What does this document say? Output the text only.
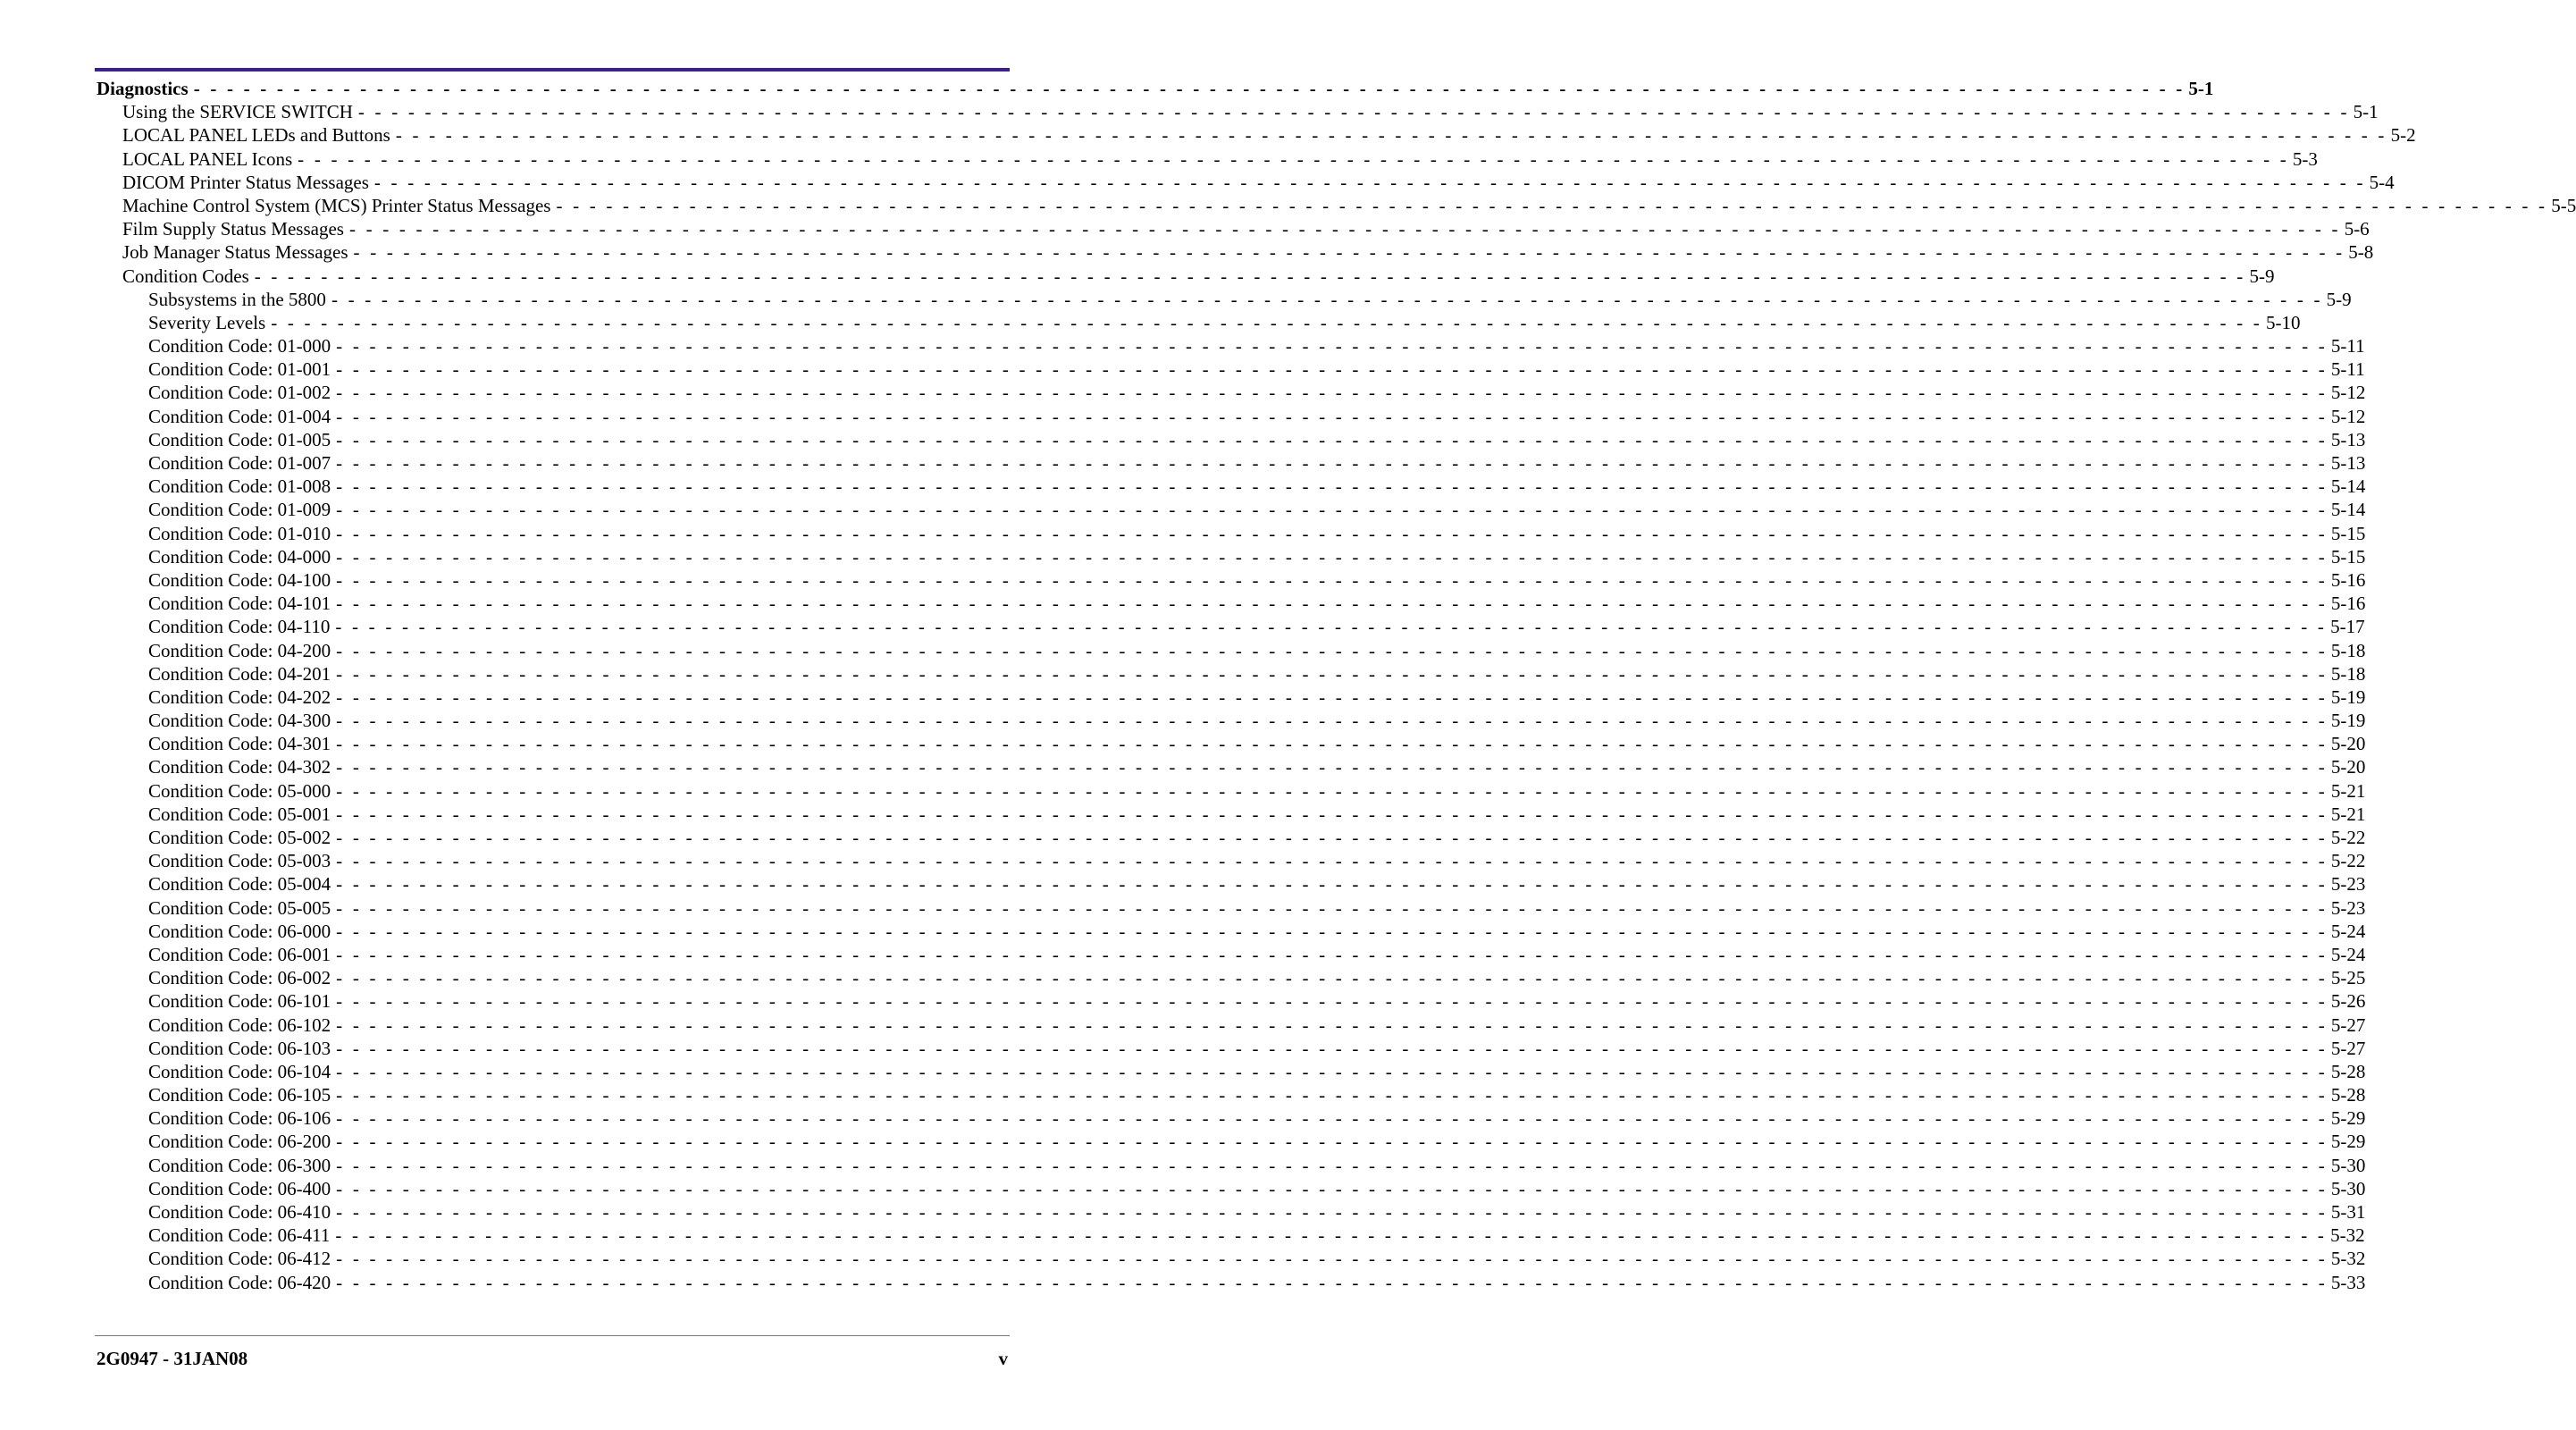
Diagnostics - - - - - - - - - - - - - - - - - - - - - - - - - - - - - - - - - - - - - - - - - - - - - - - - - - - - - - - - - - - - - - - - - - - - - - - - - - - - - - - - - - - - - - - - - - - - - - - - - - - - - - - - - - - - - - - - - - - - - - - - 5-1
Using the SERVICE SWITCH - - - - - - - - - - - - - - - - - - - - - - - - - - - - - - - - - - - - - - - - - - - - - - - - - - - - - - - - - - - - - - - - - - - - - - - - - - - - - - - - - - - - - - - - - - - - - - - - - - - - - - - - - - - - - - - - - - - - - - - - 5-1
LOCAL PANEL LEDs and Buttons - - - - - - - - - - - - - - - - - - - - - - - - - - - - - - - - - - - - - - - - - - - - - - - - - - - - - - - - - - - - - - - - - - - - - - - - - - - - - - - - - - - - - - - - - - - - - - - - - - - - - - - - - - - - - - - - - - - - - - - - 5-2
LOCAL PANEL Icons - - - - - - - - - - - - - - - - - - - - - - - - - - - - - - - - - - - - - - - - - - - - - - - - - - - - - - - - - - - - - - - - - - - - - - - - - - - - - - - - - - - - - - - - - - - - - - - - - - - - - - - - - - - - - - - - - - - - - - - - 5-3
DICOM Printer Status Messages - - - - - - - - - - - - - - - - - - - - - - - - - - - - - - - - - - - - - - - - - - - - - - - - - - - - - - - - - - - - - - - - - - - - - - - - - - - - - - - - - - - - - - - - - - - - - - - - - - - - - - - - - - - - - - - - - - - - - - - - 5-4
Machine Control System (MCS) Printer Status Messages - - - - - - - - - - - - - - - - - - - - - - - - - - - - - - - - - - - - - - - - - - - - - - - - - - - - - - - - - - - - - - - - - - - - - - - - - - - - - - - - - - - - - - - - - - - - - - - - - - - - - - - - - - - - - - - - - - - - - - - - 5-5
Film Supply Status Messages - - - - - - - - - - - - - - - - - - - - - - - - - - - - - - - - - - - - - - - - - - - - - - - - - - - - - - - - - - - - - - - - - - - - - - - - - - - - - - - - - - - - - - - - - - - - - - - - - - - - - - - - - - - - - - - - - - - - - - - - 5-6
Job Manager Status Messages - - - - - - - - - - - - - - - - - - - - - - - - - - - - - - - - - - - - - - - - - - - - - - - - - - - - - - - - - - - - - - - - - - - - - - - - - - - - - - - - - - - - - - - - - - - - - - - - - - - - - - - - - - - - - - - - - - - - - - - - 5-8
Condition Codes - - - - - - - - - - - - - - - - - - - - - - - - - - - - - - - - - - - - - - - - - - - - - - - - - - - - - - - - - - - - - - - - - - - - - - - - - - - - - - - - - - - - - - - - - - - - - - - - - - - - - - - - - - - - - - - - - - - - - - - - 5-9
Subsystems in the 5800 - - - - - - - - - - - - - - - - - - - - - - - - - - - - - - - - - - - - - - - - - - - - - - - - - - - - - - - - - - - - - - - - - - - - - - - - - - - - - - - - - - - - - - - - - - - - - - - - - - - - - - - - - - - - - - - - - - - - - - - - 5-9
Severity Levels - - - - - - - - - - - - - - - - - - - - - - - - - - - - - - - - - - - - - - - - - - - - - - - - - - - - - - - - - - - - - - - - - - - - - - - - - - - - - - - - - - - - - - - - - - - - - - - - - - - - - - - - - - - - - - - - - - - - - - - - 5-10
Condition Code: 01-000 - - - - - - - - - - - - - - - - - - - - - - - - - - - - - - - - - - - - - - - - - - - - - - - - - - - - - - - - - - - - - - - - - - - - - - - - - - - - - - - - - - - - - - - - - - - - - - - - - - - - - - - - - - - - - - - - - - - - - - - - 5-11
Condition Code: 01-001 - - - - - - - - - - - - - - - - - - - - - - - - - - - - - - - - - - - - - - - - - - - - - - - - - - - - - - - - - - - - - - - - - - - - - - - - - - - - - - - - - - - - - - - - - - - - - - - - - - - - - - - - - - - - - - - - - - - - - - - - 5-11
Condition Code: 01-002 - - - - - - - - - - - - - - - - - - - - - - - - - - - - - - - - - - - - - - - - - - - - - - - - - - - - - - - - - - - - - - - - - - - - - - - - - - - - - - - - - - - - - - - - - - - - - - - - - - - - - - - - - - - - - - - - - - - - - - - - 5-12
Condition Code: 01-004 - - - - - - - - - - - - - - - - - - - - - - - - - - - - - - - - - - - - - - - - - - - - - - - - - - - - - - - - - - - - - - - - - - - - - - - - - - - - - - - - - - - - - - - - - - - - - - - - - - - - - - - - - - - - - - - - - - - - - - - - 5-12
Condition Code: 01-005 - - - - - - - - - - - - - - - - - - - - - - - - - - - - - - - - - - - - - - - - - - - - - - - - - - - - - - - - - - - - - - - - - - - - - - - - - - - - - - - - - - - - - - - - - - - - - - - - - - - - - - - - - - - - - - - - - - - - - - - - 5-13
Condition Code: 01-007 - - - - - - - - - - - - - - - - - - - - - - - - - - - - - - - - - - - - - - - - - - - - - - - - - - - - - - - - - - - - - - - - - - - - - - - - - - - - - - - - - - - - - - - - - - - - - - - - - - - - - - - - - - - - - - - - - - - - - - - - 5-13
Condition Code: 01-008 - - - - - - - - - - - - - - - - - - - - - - - - - - - - - - - - - - - - - - - - - - - - - - - - - - - - - - - - - - - - - - - - - - - - - - - - - - - - - - - - - - - - - - - - - - - - - - - - - - - - - - - - - - - - - - - - - - - - - - - - 5-14
Condition Code: 01-009 - - - - - - - - - - - - - - - - - - - - - - - - - - - - - - - - - - - - - - - - - - - - - - - - - - - - - - - - - - - - - - - - - - - - - - - - - - - - - - - - - - - - - - - - - - - - - - - - - - - - - - - - - - - - - - - - - - - - - - - - 5-14
Condition Code: 01-010 - - - - - - - - - - - - - - - - - - - - - - - - - - - - - - - - - - - - - - - - - - - - - - - - - - - - - - - - - - - - - - - - - - - - - - - - - - - - - - - - - - - - - - - - - - - - - - - - - - - - - - - - - - - - - - - - - - - - - - - - 5-15
Condition Code: 04-000 - - - - - - - - - - - - - - - - - - - - - - - - - - - - - - - - - - - - - - - - - - - - - - - - - - - - - - - - - - - - - - - - - - - - - - - - - - - - - - - - - - - - - - - - - - - - - - - - - - - - - - - - - - - - - - - - - - - - - - - - 5-15
Condition Code: 04-100 - - - - - - - - - - - - - - - - - - - - - - - - - - - - - - - - - - - - - - - - - - - - - - - - - - - - - - - - - - - - - - - - - - - - - - - - - - - - - - - - - - - - - - - - - - - - - - - - - - - - - - - - - - - - - - - - - - - - - - - - 5-16
Condition Code: 04-101 - - - - - - - - - - - - - - - - - - - - - - - - - - - - - - - - - - - - - - - - - - - - - - - - - - - - - - - - - - - - - - - - - - - - - - - - - - - - - - - - - - - - - - - - - - - - - - - - - - - - - - - - - - - - - - - - - - - - - - - - 5-16
Condition Code: 04-110 - - - - - - - - - - - - - - - - - - - - - - - - - - - - - - - - - - - - - - - - - - - - - - - - - - - - - - - - - - - - - - - - - - - - - - - - - - - - - - - - - - - - - - - - - - - - - - - - - - - - - - - - - - - - - - - - - - - - - - - - 5-17
Condition Code: 04-200 - - - - - - - - - - - - - - - - - - - - - - - - - - - - - - - - - - - - - - - - - - - - - - - - - - - - - - - - - - - - - - - - - - - - - - - - - - - - - - - - - - - - - - - - - - - - - - - - - - - - - - - - - - - - - - - - - - - - - - - - 5-18
Condition Code: 04-201 - - - - - - - - - - - - - - - - - - - - - - - - - - - - - - - - - - - - - - - - - - - - - - - - - - - - - - - - - - - - - - - - - - - - - - - - - - - - - - - - - - - - - - - - - - - - - - - - - - - - - - - - - - - - - - - - - - - - - - - - 5-18
Condition Code: 04-202 - - - - - - - - - - - - - - - - - - - - - - - - - - - - - - - - - - - - - - - - - - - - - - - - - - - - - - - - - - - - - - - - - - - - - - - - - - - - - - - - - - - - - - - - - - - - - - - - - - - - - - - - - - - - - - - - - - - - - - - - 5-19
Condition Code: 04-300 - - - - - - - - - - - - - - - - - - - - - - - - - - - - - - - - - - - - - - - - - - - - - - - - - - - - - - - - - - - - - - - - - - - - - - - - - - - - - - - - - - - - - - - - - - - - - - - - - - - - - - - - - - - - - - - - - - - - - - - - 5-19
Condition Code: 04-301 - - - - - - - - - - - - - - - - - - - - - - - - - - - - - - - - - - - - - - - - - - - - - - - - - - - - - - - - - - - - - - - - - - - - - - - - - - - - - - - - - - - - - - - - - - - - - - - - - - - - - - - - - - - - - - - - - - - - - - - - 5-20
Condition Code: 04-302 - - - - - - - - - - - - - - - - - - - - - - - - - - - - - - - - - - - - - - - - - - - - - - - - - - - - - - - - - - - - - - - - - - - - - - - - - - - - - - - - - - - - - - - - - - - - - - - - - - - - - - - - - - - - - - - - - - - - - - - - 5-20
Condition Code: 05-000 - - - - - - - - - - - - - - - - - - - - - - - - - - - - - - - - - - - - - - - - - - - - - - - - - - - - - - - - - - - - - - - - - - - - - - - - - - - - - - - - - - - - - - - - - - - - - - - - - - - - - - - - - - - - - - - - - - - - - - - - 5-21
Condition Code: 05-001 - - - - - - - - - - - - - - - - - - - - - - - - - - - - - - - - - - - - - - - - - - - - - - - - - - - - - - - - - - - - - - - - - - - - - - - - - - - - - - - - - - - - - - - - - - - - - - - - - - - - - - - - - - - - - - - - - - - - - - - - 5-21
Condition Code: 05-002 - - - - - - - - - - - - - - - - - - - - - - - - - - - - - - - - - - - - - - - - - - - - - - - - - - - - - - - - - - - - - - - - - - - - - - - - - - - - - - - - - - - - - - - - - - - - - - - - - - - - - - - - - - - - - - - - - - - - - - - - 5-22
Condition Code: 05-003 - - - - - - - - - - - - - - - - - - - - - - - - - - - - - - - - - - - - - - - - - - - - - - - - - - - - - - - - - - - - - - - - - - - - - - - - - - - - - - - - - - - - - - - - - - - - - - - - - - - - - - - - - - - - - - - - - - - - - - - - 5-22
Condition Code: 05-004 - - - - - - - - - - - - - - - - - - - - - - - - - - - - - - - - - - - - - - - - - - - - - - - - - - - - - - - - - - - - - - - - - - - - - - - - - - - - - - - - - - - - - - - - - - - - - - - - - - - - - - - - - - - - - - - - - - - - - - - - 5-23
Condition Code: 05-005 - - - - - - - - - - - - - - - - - - - - - - - - - - - - - - - - - - - - - - - - - - - - - - - - - - - - - - - - - - - - - - - - - - - - - - - - - - - - - - - - - - - - - - - - - - - - - - - - - - - - - - - - - - - - - - - - - - - - - - - - 5-23
Condition Code: 06-000 - - - - - - - - - - - - - - - - - - - - - - - - - - - - - - - - - - - - - - - - - - - - - - - - - - - - - - - - - - - - - - - - - - - - - - - - - - - - - - - - - - - - - - - - - - - - - - - - - - - - - - - - - - - - - - - - - - - - - - - - 5-24
Condition Code: 06-001 - - - - - - - - - - - - - - - - - - - - - - - - - - - - - - - - - - - - - - - - - - - - - - - - - - - - - - - - - - - - - - - - - - - - - - - - - - - - - - - - - - - - - - - - - - - - - - - - - - - - - - - - - - - - - - - - - - - - - - - - 5-24
Condition Code: 06-002 - - - - - - - - - - - - - - - - - - - - - - - - - - - - - - - - - - - - - - - - - - - - - - - - - - - - - - - - - - - - - - - - - - - - - - - - - - - - - - - - - - - - - - - - - - - - - - - - - - - - - - - - - - - - - - - - - - - - - - - - 5-25
Condition Code: 06-101 - - - - - - - - - - - - - - - - - - - - - - - - - - - - - - - - - - - - - - - - - - - - - - - - - - - - - - - - - - - - - - - - - - - - - - - - - - - - - - - - - - - - - - - - - - - - - - - - - - - - - - - - - - - - - - - - - - - - - - - - 5-26
Condition Code: 06-102 - - - - - - - - - - - - - - - - - - - - - - - - - - - - - - - - - - - - - - - - - - - - - - - - - - - - - - - - - - - - - - - - - - - - - - - - - - - - - - - - - - - - - - - - - - - - - - - - - - - - - - - - - - - - - - - - - - - - - - - - 5-27
Condition Code: 06-103 - - - - - - - - - - - - - - - - - - - - - - - - - - - - - - - - - - - - - - - - - - - - - - - - - - - - - - - - - - - - - - - - - - - - - - - - - - - - - - - - - - - - - - - - - - - - - - - - - - - - - - - - - - - - - - - - - - - - - - - - 5-27
Condition Code: 06-104 - - - - - - - - - - - - - - - - - - - - - - - - - - - - - - - - - - - - - - - - - - - - - - - - - - - - - - - - - - - - - - - - - - - - - - - - - - - - - - - - - - - - - - - - - - - - - - - - - - - - - - - - - - - - - - - - - - - - - - - - 5-28
Condition Code: 06-105 - - - - - - - - - - - - - - - - - - - - - - - - - - - - - - - - - - - - - - - - - - - - - - - - - - - - - - - - - - - - - - - - - - - - - - - - - - - - - - - - - - - - - - - - - - - - - - - - - - - - - - - - - - - - - - - - - - - - - - - - 5-28
Condition Code: 06-106 - - - - - - - - - - - - - - - - - - - - - - - - - - - - - - - - - - - - - - - - - - - - - - - - - - - - - - - - - - - - - - - - - - - - - - - - - - - - - - - - - - - - - - - - - - - - - - - - - - - - - - - - - - - - - - - - - - - - - - - - 5-29
Condition Code: 06-200 - - - - - - - - - - - - - - - - - - - - - - - - - - - - - - - - - - - - - - - - - - - - - - - - - - - - - - - - - - - - - - - - - - - - - - - - - - - - - - - - - - - - - - - - - - - - - - - - - - - - - - - - - - - - - - - - - - - - - - - - 5-29
Condition Code: 06-300 - - - - - - - - - - - - - - - - - - - - - - - - - - - - - - - - - - - - - - - - - - - - - - - - - - - - - - - - - - - - - - - - - - - - - - - - - - - - - - - - - - - - - - - - - - - - - - - - - - - - - - - - - - - - - - - - - - - - - - - - 5-30
Condition Code: 06-400 - - - - - - - - - - - - - - - - - - - - - - - - - - - - - - - - - - - - - - - - - - - - - - - - - - - - - - - - - - - - - - - - - - - - - - - - - - - - - - - - - - - - - - - - - - - - - - - - - - - - - - - - - - - - - - - - - - - - - - - - 5-30
Condition Code: 06-410 - - - - - - - - - - - - - - - - - - - - - - - - - - - - - - - - - - - - - - - - - - - - - - - - - - - - - - - - - - - - - - - - - - - - - - - - - - - - - - - - - - - - - - - - - - - - - - - - - - - - - - - - - - - - - - - - - - - - - - - - 5-31
Condition Code: 06-411 - - - - - - - - - - - - - - - - - - - - - - - - - - - - - - - - - - - - - - - - - - - - - - - - - - - - - - - - - - - - - - - - - - - - - - - - - - - - - - - - - - - - - - - - - - - - - - - - - - - - - - - - - - - - - - - - - - - - - - - - 5-32
Condition Code: 06-412 - - - - - - - - - - - - - - - - - - - - - - - - - - - - - - - - - - - - - - - - - - - - - - - - - - - - - - - - - - - - - - - - - - - - - - - - - - - - - - - - - - - - - - - - - - - - - - - - - - - - - - - - - - - - - - - - - - - - - - - - 5-32
Condition Code: 06-420 - - - - - - - - - - - - - - - - - - - - - - - - - - - - - - - - - - - - - - - - - - - - - - - - - - - - - - - - - - - - - - - - - - - - - - - - - - - - - - - - - - - - - - - - - - - - - - - - - - - - - - - - - - - - - - - - - - - - - - - - 5-33
2G0947 - 31JAN08	v
